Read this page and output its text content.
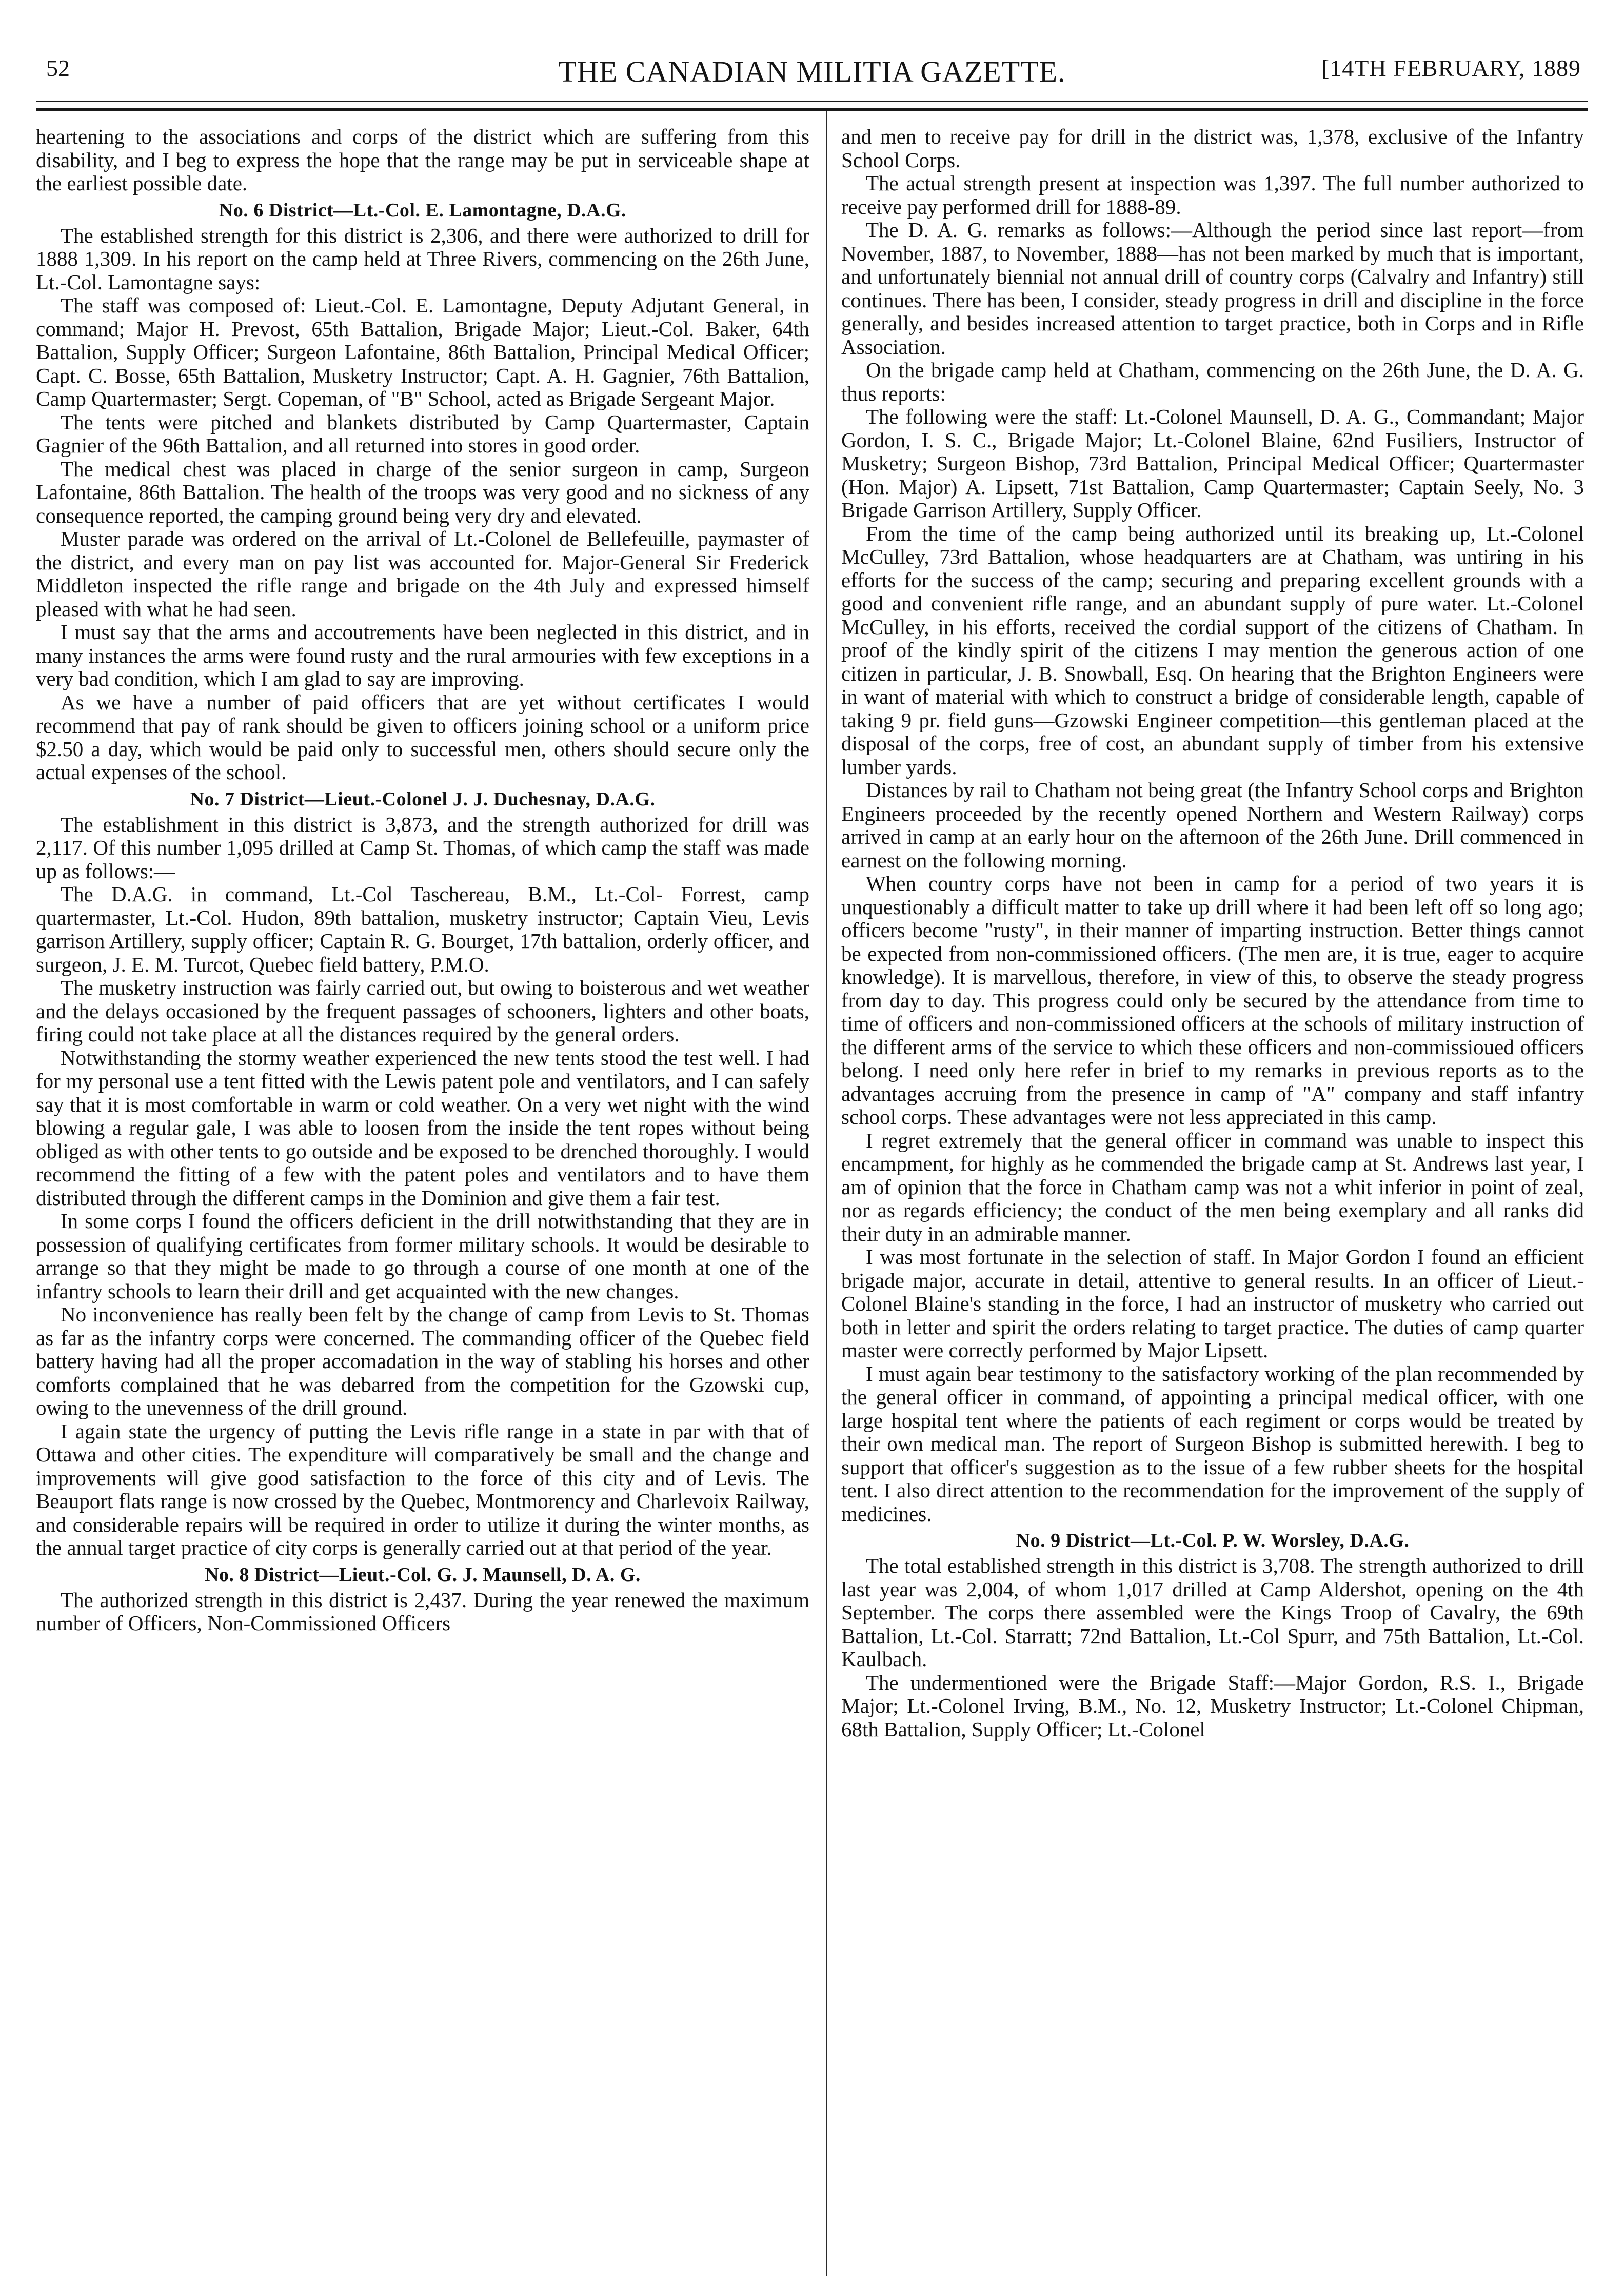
52	THE CANADIAN MILITIA GAZETTE.	[14TH FEBRUARY, 1889

heartening to the associations and corps of the district which are suffering from this disability, and I beg to express the hope that the range may be put in serviceable shape at the earliest possible date.

No. 6 District—Lt.-Col. E. Lamontagne, D.A.G.

The established strength for this district is 2,306, and there were authorized to drill for 1888 1,309. In his report on the camp held at Three Rivers, commencing on the 26th June, Lt.-Col. Lamontagne says:

The staff was composed of: Lieut.-Col. E. Lamontagne, Deputy Adjutant General, in command; Major H. Prevost, 65th Battalion, Brigade Major; Lieut.-Col. Baker, 64th Battalion, Supply Officer; Surgeon Lafontaine, 86th Battalion, Principal Medical Officer; Capt. C. Bosse, 65th Battalion, Musketry Instructor; Capt. A. H. Gagnier, 76th Battalion, Camp Quartermaster; Sergt. Copeman, of "B" School, acted as Brigade Sergeant Major.

The tents were pitched and blankets distributed by Camp Quartermaster, Captain Gagnier of the 96th Battalion, and all returned into stores in good order.

The medical chest was placed in charge of the senior surgeon in camp, Surgeon Lafontaine, 86th Battalion. The health of the troops was very good and no sickness of any consequence reported, the camping ground being very dry and elevated.

Muster parade was ordered on the arrival of Lt.-Colonel de Bellefeuille, paymaster of the district, and every man on pay list was accounted for. Major-General Sir Frederick Middleton inspected the rifle range and brigade on the 4th July and expressed himself pleased with what he had seen.

I must say that the arms and accoutrements have been neglected in this district, and in many instances the arms were found rusty and the rural armouries with few exceptions in a very bad condition, which I am glad to say are improving.

As we have a number of paid officers that are yet without certificates I would recommend that pay of rank should be given to officers joining school or a uniform price $2.50 a day, which would be paid only to successful men, others should secure only the actual expenses of the school.

No. 7 District—Lieut.-Colonel J. J. Duchesnay, D.A.G.

The establishment in this district is 3,873, and the strength authorized for drill was 2,117. Of this number 1,095 drilled at Camp St. Thomas, of which camp the staff was made up as follows:—

The D.A.G. in command, Lt.-Col Taschereau, B.M., Lt.-Col- Forrest, camp quartermaster, Lt.-Col. Hudon, 89th battalion, musketry instructor; Captain Vieu, Levis garrison Artillery, supply officer; Captain R. G. Bourget, 17th battalion, orderly officer, and surgeon, J. E. M. Turcot, Quebec field battery, P.M.O.

The musketry instruction was fairly carried out, but owing to boisterous and wet weather and the delays occasioned by the frequent passages of schooners, lighters and other boats, firing could not take place at all the distances required by the general orders.

Notwithstanding the stormy weather experienced the new tents stood the test well. I had for my personal use a tent fitted with the Lewis patent pole and ventilators, and I can safely say that it is most comfortable in warm or cold weather. On a very wet night with the wind blowing a regular gale, I was able to loosen from the inside the tent ropes without being obliged as with other tents to go outside and be exposed to be drenched thoroughly. I would recommend the fitting of a few with the patent poles and ventilators and to have them distributed through the different camps in the Dominion and give them a fair test.

In some corps I found the officers deficient in the drill notwithstanding that they are in possession of qualifying certificates from former military schools. It would be desirable to arrange so that they might be made to go through a course of one month at one of the infantry schools to learn their drill and get acquainted with the new changes.

No inconvenience has really been felt by the change of camp from Levis to St. Thomas as far as the infantry corps were concerned. The commanding officer of the Quebec field battery having had all the proper accomadation in the way of stabling his horses and other comforts complained that he was debarred from the competition for the Gzowski cup, owing to the unevenness of the drill ground.

I again state the urgency of putting the Levis rifle range in a state in par with that of Ottawa and other cities. The expenditure will comparatively be small and the change and improvements will give good satisfaction to the force of this city and of Levis. The Beauport flats range is now crossed by the Quebec, Montmorency and Charlevoix Railway, and considerable repairs will be required in order to utilize it during the winter months, as the annual target practice of city corps is generally carried out at that period of the year.

No. 8 District—Lieut.-Col. G. J. Maunsell, D. A. G.

The authorized strength in this district is 2,437. During the year renewed the maximum number of Officers, Non-Commissioned Officers

and men to receive pay for drill in the district was, 1,378, exclusive of the Infantry School Corps.

The actual strength present at inspection was 1,397. The full number authorized to receive pay performed drill for 1888-89.

The D. A. G. remarks as follows:—Although the period since last report—from November, 1887, to November, 1888—has not been marked by much that is important, and unfortunately biennial not annual drill of country corps (Calvalry and Infantry) still continues. There has been, I consider, steady progress in drill and discipline in the force generally, and besides increased attention to target practice, both in Corps and in Rifle Association.

On the brigade camp held at Chatham, commencing on the 26th June, the D. A. G. thus reports:

The following were the staff: Lt.-Colonel Maunsell, D. A. G., Commandant; Major Gordon, I. S. C., Brigade Major; Lt.-Colonel Blaine, 62nd Fusiliers, Instructor of Musketry; Surgeon Bishop, 73rd Battalion, Principal Medical Officer; Quartermaster (Hon. Major) A. Lipsett, 71st Battalion, Camp Quartermaster; Captain Seely, No. 3 Brigade Garrison Artillery, Supply Officer.

From the time of the camp being authorized until its breaking up, Lt.-Colonel McCulley, 73rd Battalion, whose headquarters are at Chatham, was untiring in his efforts for the success of the camp; securing and preparing excellent grounds with a good and convenient rifle range, and an abundant supply of pure water. Lt.-Colonel McCulley, in his efforts, received the cordial support of the citizens of Chatham. In proof of the kindly spirit of the citizens I may mention the generous action of one citizen in particular, J. B. Snowball, Esq. On hearing that the Brighton Engineers were in want of material with which to construct a bridge of considerable length, capable of taking 9 pr. field guns—Gzowski Engineer competition—this gentleman placed at the disposal of the corps, free of cost, an abundant supply of timber from his extensive lumber yards.

Distances by rail to Chatham not being great (the Infantry School corps and Brighton Engineers proceeded by the recently opened Northern and Western Railway) corps arrived in camp at an early hour on the afternoon of the 26th June. Drill commenced in earnest on the following morning.

When country corps have not been in camp for a period of two years it is unquestionably a difficult matter to take up drill where it had been left off so long ago; officers become "rusty", in their manner of imparting instruction. Better things cannot be expected from non-commissioned officers. (The men are, it is true, eager to acquire knowledge). It is marvellous, therefore, in view of this, to observe the steady progress from day to day. This progress could only be secured by the attendance from time to time of officers and non-commissioned officers at the schools of military instruction of the different arms of the service to which these officers and non-commissioued officers belong. I need only here refer in brief to my remarks in previous reports as to the advantages accruing from the presence in camp of "A" company and staff infantry school corps. These advantages were not less appreciated in this camp.

I regret extremely that the general officer in command was unable to inspect this encampment, for highly as he commended the brigade camp at St. Andrews last year, I am of opinion that the force in Chatham camp was not a whit inferior in point of zeal, nor as regards efficiency; the conduct of the men being exemplary and all ranks did their duty in an admirable manner.

I was most fortunate in the selection of staff. In Major Gordon I found an efficient brigade major, accurate in detail, attentive to general results. In an officer of Lieut.-Colonel Blaine's standing in the force, I had an instructor of musketry who carried out both in letter and spirit the orders relating to target practice. The duties of camp quarter master were correctly performed by Major Lipsett.

I must again bear testimony to the satisfactory working of the plan recommended by the general officer in command, of appointing a principal medical officer, with one large hospital tent where the patients of each regiment or corps would be treated by their own medical man. The report of Surgeon Bishop is submitted herewith. I beg to support that officer's suggestion as to the issue of a few rubber sheets for the hospital tent. I also direct attention to the recommendation for the improvement of the supply of medicines.

No. 9 District—Lt.-Col. P. W. Worsley, D.A.G.

The total established strength in this district is 3,708. The strength authorized to drill last year was 2,004, of whom 1,017 drilled at Camp Aldershot, opening on the 4th September. The corps there assembled were the Kings Troop of Cavalry, the 69th Battalion, Lt.-Col. Starratt; 72nd Battalion, Lt.-Col Spurr, and 75th Battalion, Lt.-Col. Kaulbach.

The undermentioned were the Brigade Staff:—Major Gordon, R.S. I., Brigade Major; Lt.-Colonel Irving, B.M., No. 12, Musketry Instructor; Lt.-Colonel Chipman, 68th Battalion, Supply Officer; Lt.-Colonel
